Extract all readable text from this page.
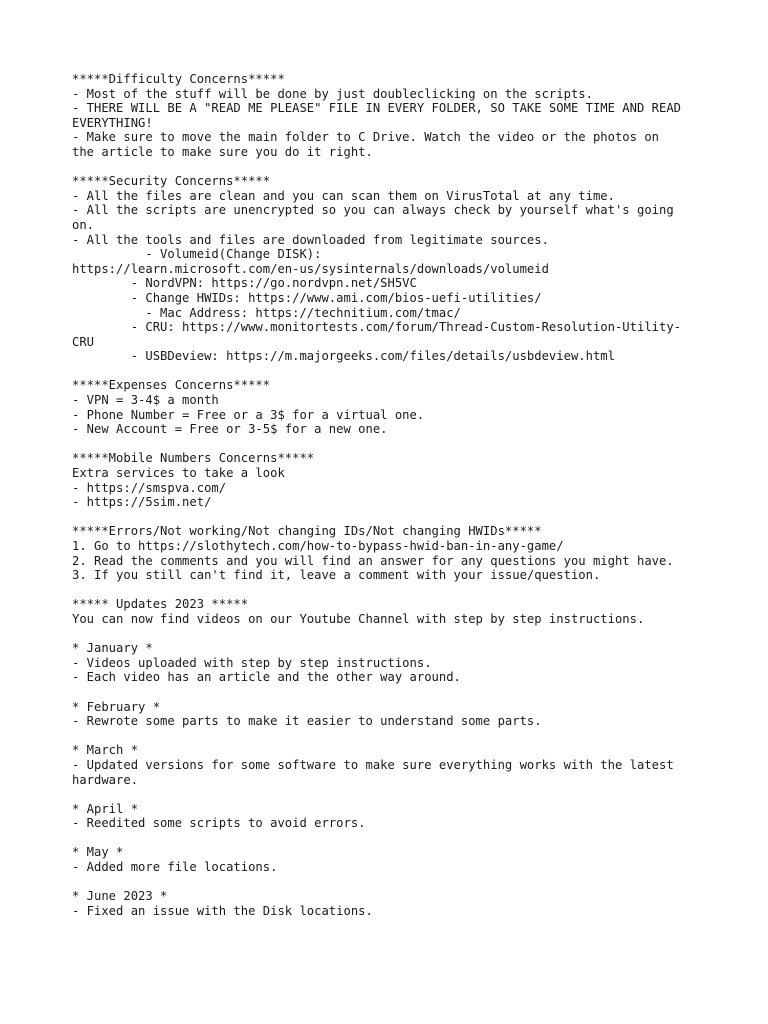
*****Difficulty Concerns*****
- Most of the stuff will be done by just doubleclicking on the scripts.
- THERE WILL BE A "READ ME PLEASE" FILE IN EVERY FOLDER, SO TAKE SOME TIME AND READ
EVERYTHING!
- Make sure to move the main folder to C Drive. Watch the video or the photos on
the article to make sure you do it right.
*****Security Concerns*****
- All the files are clean and you can scan them on VirusTotal at any time.
- All the scripts are unencrypted so you can always check by yourself what's going
on.
- All the tools and files are downloaded from legitimate sources.
- Volumeid(Change DISK):
https://learn.microsoft.com/en-us/sysinternals/downloads/volumeid
- NordVPN: https://go.nordvpn.net/SH5VC
- Change HWIDs: https://www.ami.com/bios-uefi-utilities/
- Mac Address: https://technitium.com/tmac/
- CRU: https://www.monitortests.com/forum/Thread-Custom-Resolution-Utility-
CRU
- USBDeview: https://m.majorgeeks.com/files/details/usbdeview.html
*****Expenses Concerns*****
- VPN = 3-4$ a month
- Phone Number = Free or a 3$ for a virtual one.
- New Account = Free or 3-5$ for a new one.
*****Mobile Numbers Concerns*****
Extra services to take a look
- https://smspva.com/
- https://5sim.net/
*****Errors/Not working/Not changing IDs/Not changing HWIDs*****
1. Go to https://slothytech.com/how-to-bypass-hwid-ban-in-any-game/
2. Read the comments and you will find an answer for any questions you might have.
3. If you still can't find it, leave a comment with your issue/question.
***** Updates 2023 *****
You can now find videos on our Youtube Channel with step by step instructions.
* January *
- Videos uploaded with step by step instructions.
- Each video has an article and the other way around.
* February *
- Rewrote some parts to make it easier to understand some parts.
* March *
- Updated versions for some software to make sure everything works with the latest
hardware.
* April *
- Reedited some scripts to avoid errors.
* May *
- Added more file locations.
* June 2023 *
- Fixed an issue with the Disk locations.
